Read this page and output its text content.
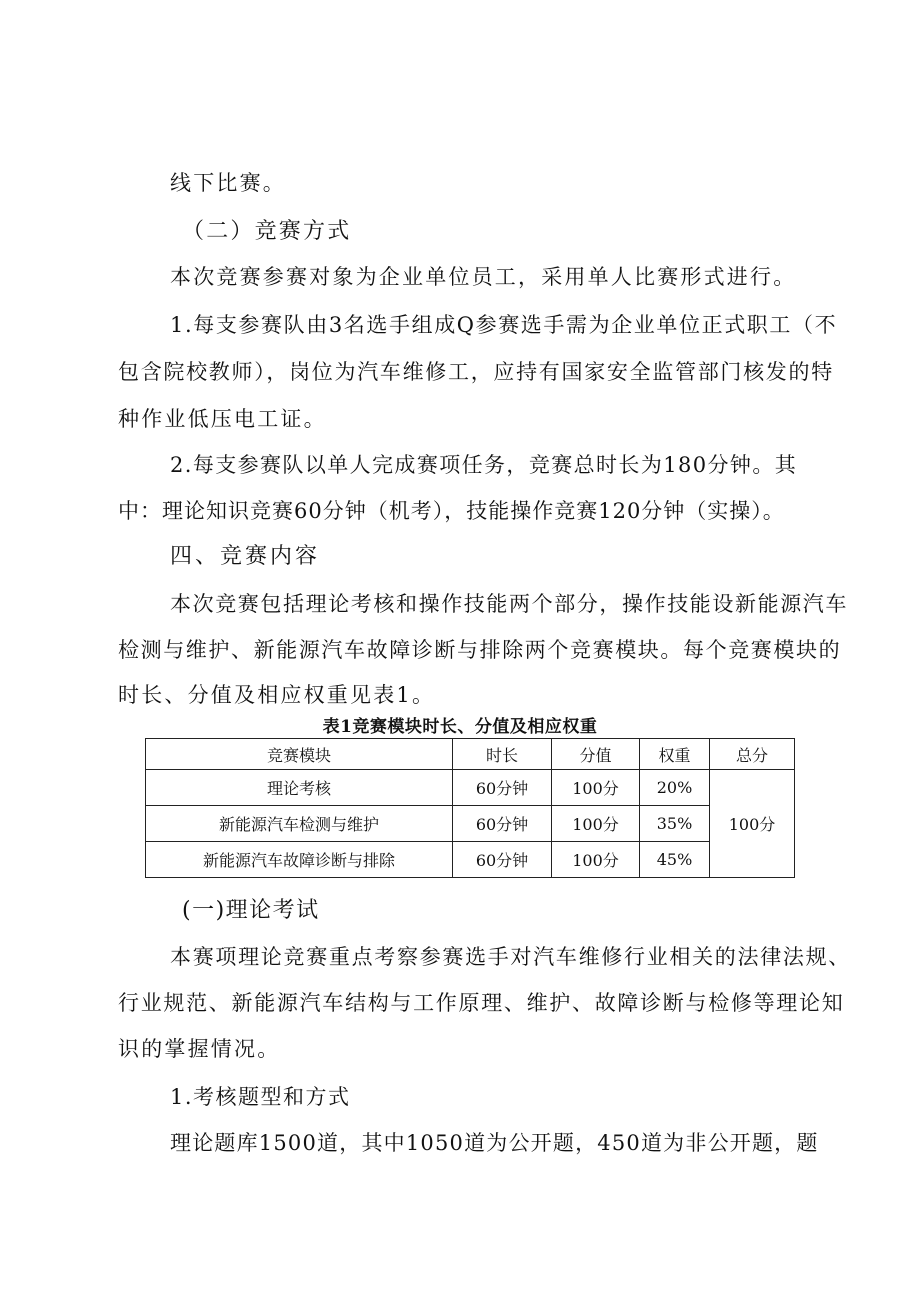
线下比赛。
（二）竞赛方式
本次竞赛参赛对象为企业单位员工，采用单人比赛形式进行。
1.每支参赛队由3名选手组成Q参赛选手需为企业单位正式职工（不
包含院校教师），岗位为汽车维修工，应持有国家安全监管部门核发的特
种作业低压电工证。
2.每支参赛队以单人完成赛项任务，竞赛总时长为180分钟。其
中：理论知识竞赛60分钟（机考），技能操作竞赛120分钟（实操）。
四、竞赛内容
本次竞赛包括理论考核和操作技能两个部分，操作技能设新能源汽车
检测与维护、新能源汽车故障诊断与排除两个竞赛模块。每个竞赛模块的
时长、分值及相应权重见表1。
表1竞赛模块时长、分值及相应权重
竞赛模块	时长	分值	权重	总分
理论考核	60分钟	100分	20%	100分
新能源汽车检测与维护	60分钟	100分	35%	
新能源汽车故障诊断与排除	60分钟	100分	45%	
(一)理论考试
本赛项理论竞赛重点考察参赛选手对汽车维修行业相关的法律法规、
行业规范、新能源汽车结构与工作原理、维护、故障诊断与检修等理论知
识的掌握情况。
1.考核题型和方式
理论题库1500道，其中1050道为公开题，450道为非公开题，题
